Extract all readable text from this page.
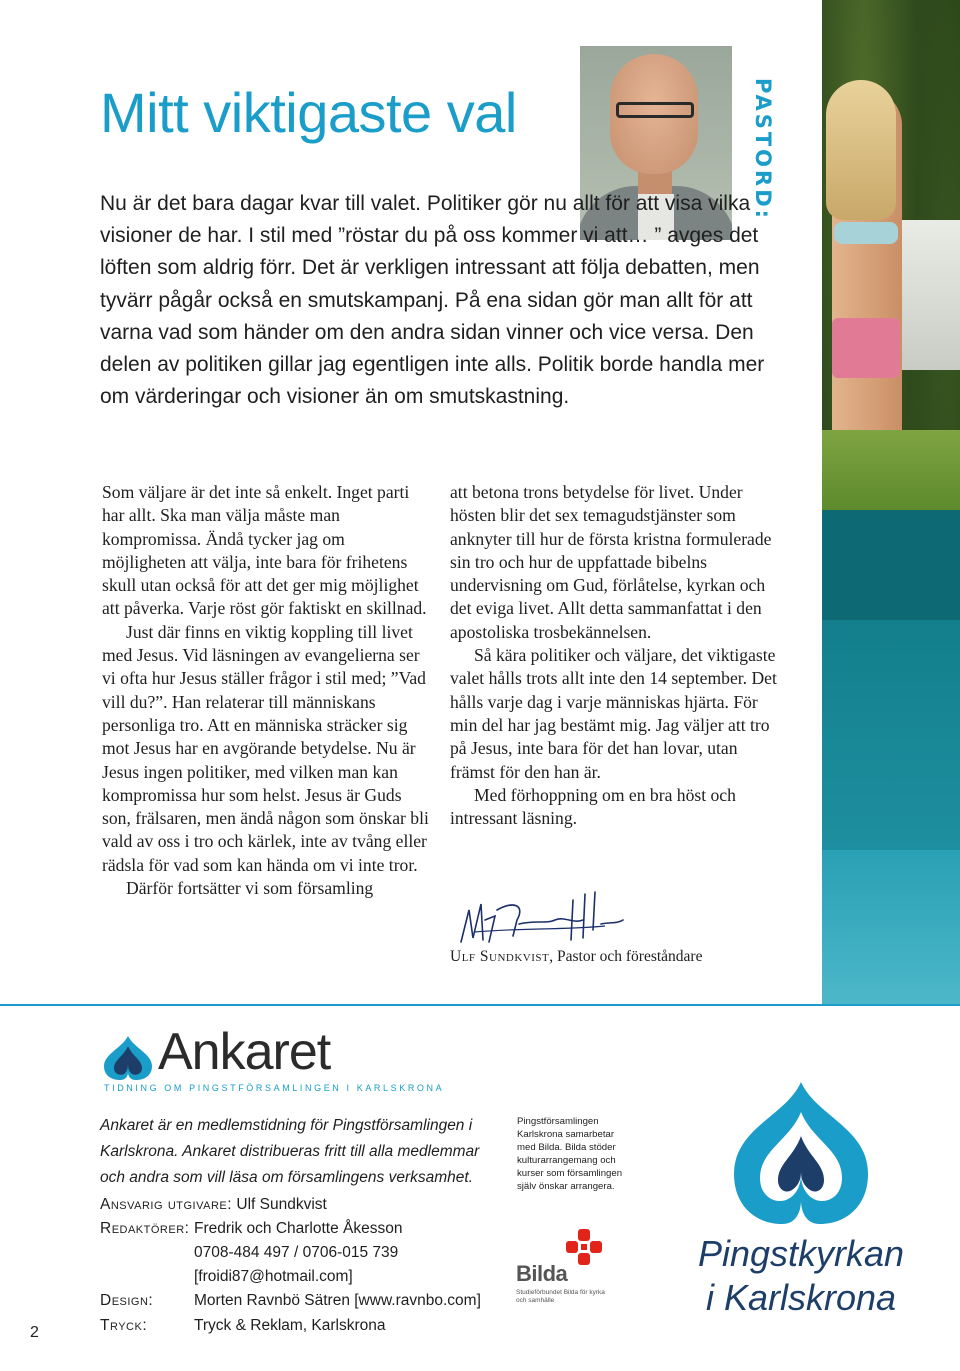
Mitt viktigaste val	PASTORD:

Nu är det bara dagar kvar till valet. Politiker gör nu allt för att visa vilka visioner de har. I stil med ”röstar du på oss kommer vi att… ” avges det löften som aldrig förr. Det är verkligen intressant att följa debatten, men tyvärr pågår också en smutskampanj. På ena sidan gör man allt för att varna vad som händer om den andra sidan vinner och vice versa. Den delen av politiken gillar jag egentligen inte alls. Politik borde handla mer om värderingar och visioner än om smutskastning.

Som väljare är det inte så enkelt. Inget parti har allt. Ska man välja måste man kompromissa. Ändå tycker jag om möjligheten att välja, inte bara för frihetens skull utan också för att det ger mig möjlighet att påverka. Varje röst gör faktiskt en skillnad.

Just där finns en viktig koppling till livet med Jesus. Vid läsningen av evangelierna ser vi ofta hur Jesus ställer frågor i stil med; ”Vad vill du?”. Han relaterar till människans personliga tro. Att en människa sträcker sig mot Jesus har en avgörande betydelse. Nu är Jesus ingen politiker, med vilken man kan kompromissa hur som helst. Jesus är Guds son, frälsaren, men ändå någon som önskar bli vald av oss i tro och kärlek, inte av tvång eller rädsla för vad som kan hända om vi inte tror.

Därför fortsätter vi som församling

att betona trons betydelse för livet. Under hösten blir det sex temagudstjänster som anknyter till hur de första kristna formulerade sin tro och hur de uppfattade bibelns undervisning om Gud, förlåtelse, kyrkan och det eviga livet. Allt detta sammanfattat i den apostoliska trosbekännelsen.

Så kära politiker och väljare, det viktigaste valet hålls trots allt inte den 14 september. Det hålls varje dag i varje människas hjärta. För min del har jag bestämt mig. Jag väljer att tro på Jesus, inte bara för det han lovar, utan främst för den han är.

Med förhoppning om en bra höst och intressant läsning.

Ulf Sundkvist, Pastor och föreståndare
Ankaret
TIDNING OM PINGSTFÖRSAMLINGEN I KARLSKRONA

Ankaret är en medlemstidning för Pingstförsamlingen i Karlskrona. Ankaret distribueras fritt till alla medlemmar och andra som vill läsa om församlingens verksamhet.

Ansvarig utgivare: Ulf Sundkvist
Redaktörer: Fredrik och Charlotte Åkesson
0708-484 497 / 0706-015 739
[froidi87@hotmail.com]
Design:	Morten Ravnbö Sätren [www.ravnbo.com]
Tryck:	Tryck & Reklam, Karlskrona

Pingstförsamlingen Karlskrona samarbetar med Bilda. Bilda stöder kulturarrangemang och kurser som församlingen själv önskar arrangera.

Bilda
Studieförbundet Bilda för kyrka och samhälle
Pingstkyrkan
i Karlskrona
2
